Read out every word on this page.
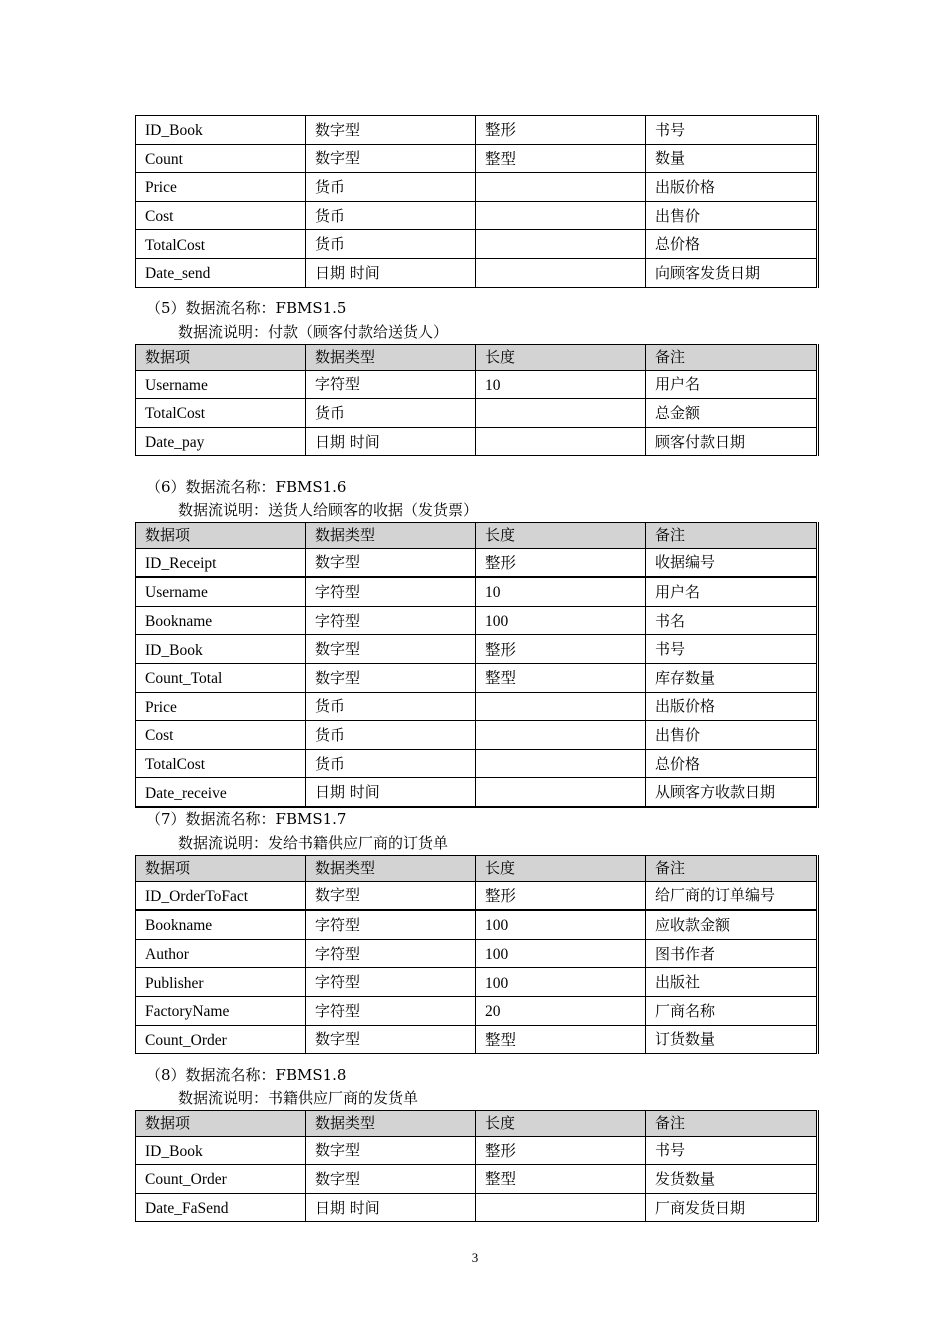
ID_Book	数字型	整形	书号
Count	数字型	整型	数量
Price	货币		出版价格
Cost	货币		出售价
TotalCost	货币		总价格
Date_send	日期 时间		向顾客发货日期
（5）数据流名称：FBMS1.5
数据流说明：付款（顾客付款给送货人）
数据项	数据类型	长度	备注
Username	字符型	10	用户名
TotalCost	货币		总金额
Date_pay	日期 时间		顾客付款日期
（6）数据流名称：FBMS1.6
数据流说明：送货人给顾客的收据（发货票）
数据项	数据类型	长度	备注
ID_Receipt	数字型	整形	收据编号
Username	字符型	10	用户名
Bookname	字符型	100	书名
ID_Book	数字型	整形	书号
Count_Total	数字型	整型	库存数量
Price	货币		出版价格
Cost	货币		出售价
TotalCost	货币		总价格
Date_receive	日期 时间		从顾客方收款日期
（7）数据流名称：FBMS1.7
数据流说明：发给书籍供应厂商的订货单
数据项	数据类型	长度	备注
ID_OrderToFact	数字型	整形	给厂商的订单编号
Bookname	字符型	100	应收款金额
Author	字符型	100	图书作者
Publisher	字符型	100	出版社
FactoryName	字符型	20	厂商名称
Count_Order	数字型	整型	订货数量
（8）数据流名称：FBMS1.8
数据流说明：书籍供应厂商的发货单
数据项	数据类型	长度	备注
ID_Book	数字型	整形	书号
Count_Order	数字型	整型	发货数量
Date_FaSend	日期 时间		厂商发货日期
3
